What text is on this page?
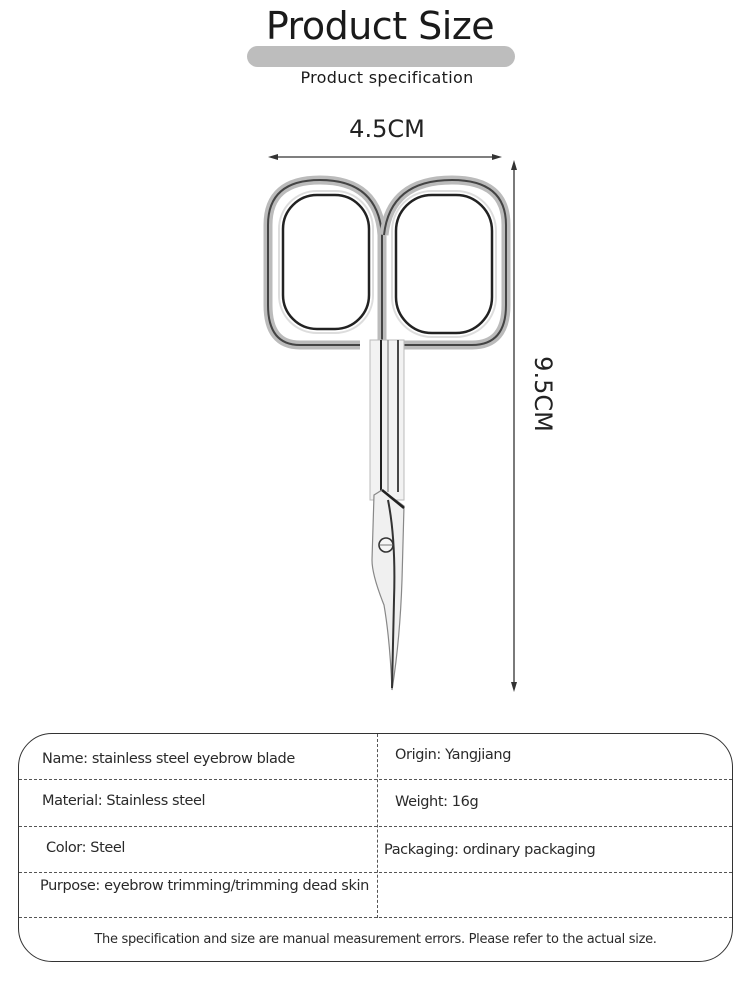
Product Size
Product specification
4.5CM
9.5CM
Name: stainless steel eyebrow blade	Origin: Yangjiang
Material: Stainless steel	Weight: 16g
Color: Steel	Packaging: ordinary packaging
Purpose: eyebrow trimming/trimming dead skin
The specification and size are manual measurement errors. Please refer to the actual size.
